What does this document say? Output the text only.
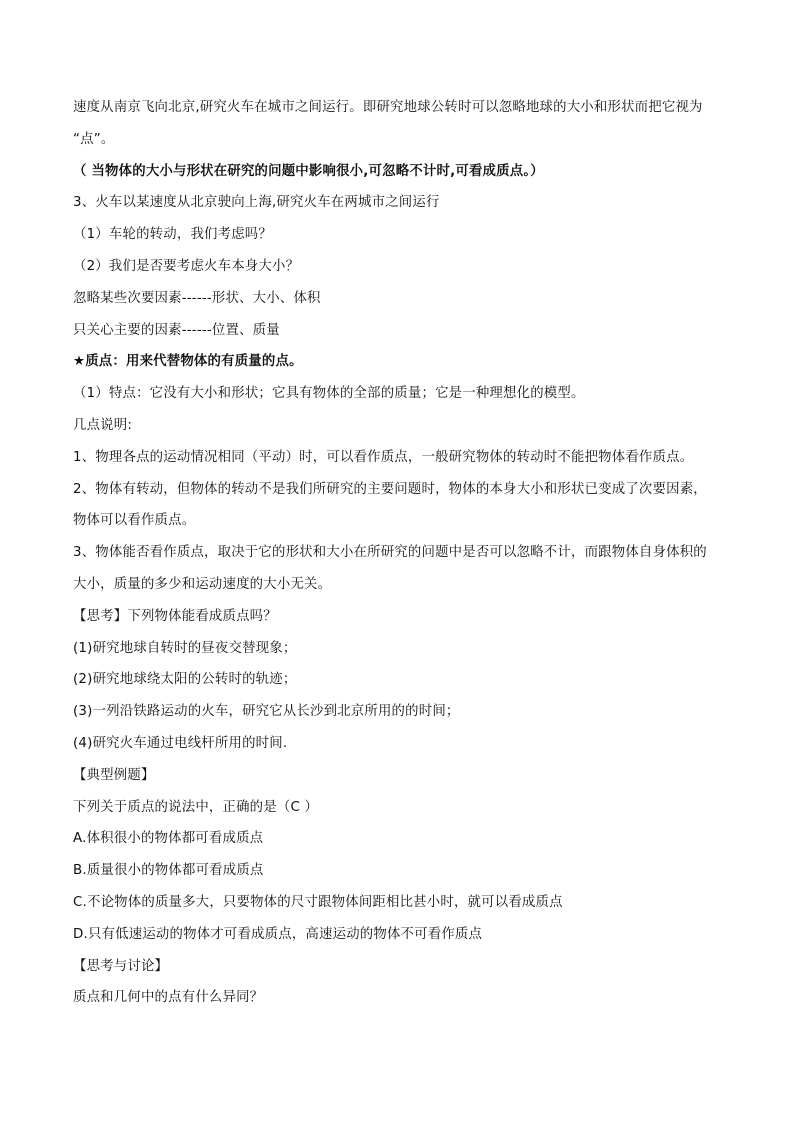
速度从南京飞向北京,研究火车在城市之间运行。即研究地球公转时可以忽略地球的大小和形状而把它视为
“点”。
（ 当物体的大小与形状在研究的问题中影响很小,可忽略不计时,可看成质点。）
3、火车以某速度从北京驶向上海,研究火车在两城市之间运行
（1）车轮的转动，我们考虑吗？
（2）我们是否要考虑火车本身大小？
忽略某些次要因素------形状、大小、体积
只关心主要的因素------位置、质量
★质点：用来代替物体的有质量的点。
（1）特点：它没有大小和形状；它具有物体的全部的质量；它是一种理想化的模型。
几点说明:
1、物理各点的运动情况相同（平动）时，可以看作质点，一般研究物体的转动时不能把物体看作质点。
2、物体有转动，但物体的转动不是我们所研究的主要问题时，物体的本身大小和形状已变成了次要因素，
物体可以看作质点。
3、物体能否看作质点，取决于它的形状和大小在所研究的问题中是否可以忽略不计，而跟物体自身体积的
大小，质量的多少和运动速度的大小无关。
【思考】下列物体能看成质点吗？
(1)研究地球自转时的昼夜交替现象；
(2)研究地球绕太阳的公转时的轨迹；
(3)一列沿铁路运动的火车，研究它从长沙到北京所用的的时间；
(4)研究火车通过电线杆所用的时间.
【典型例题】
下列关于质点的说法中，正确的是（C ）
A.体积很小的物体都可看成质点
B.质量很小的物体都可看成质点
C.不论物体的质量多大，只要物体的尺寸跟物体间距相比甚小时，就可以看成质点
D.只有低速运动的物体才可看成质点，高速运动的物体不可看作质点
【思考与讨论】
质点和几何中的点有什么异同？
